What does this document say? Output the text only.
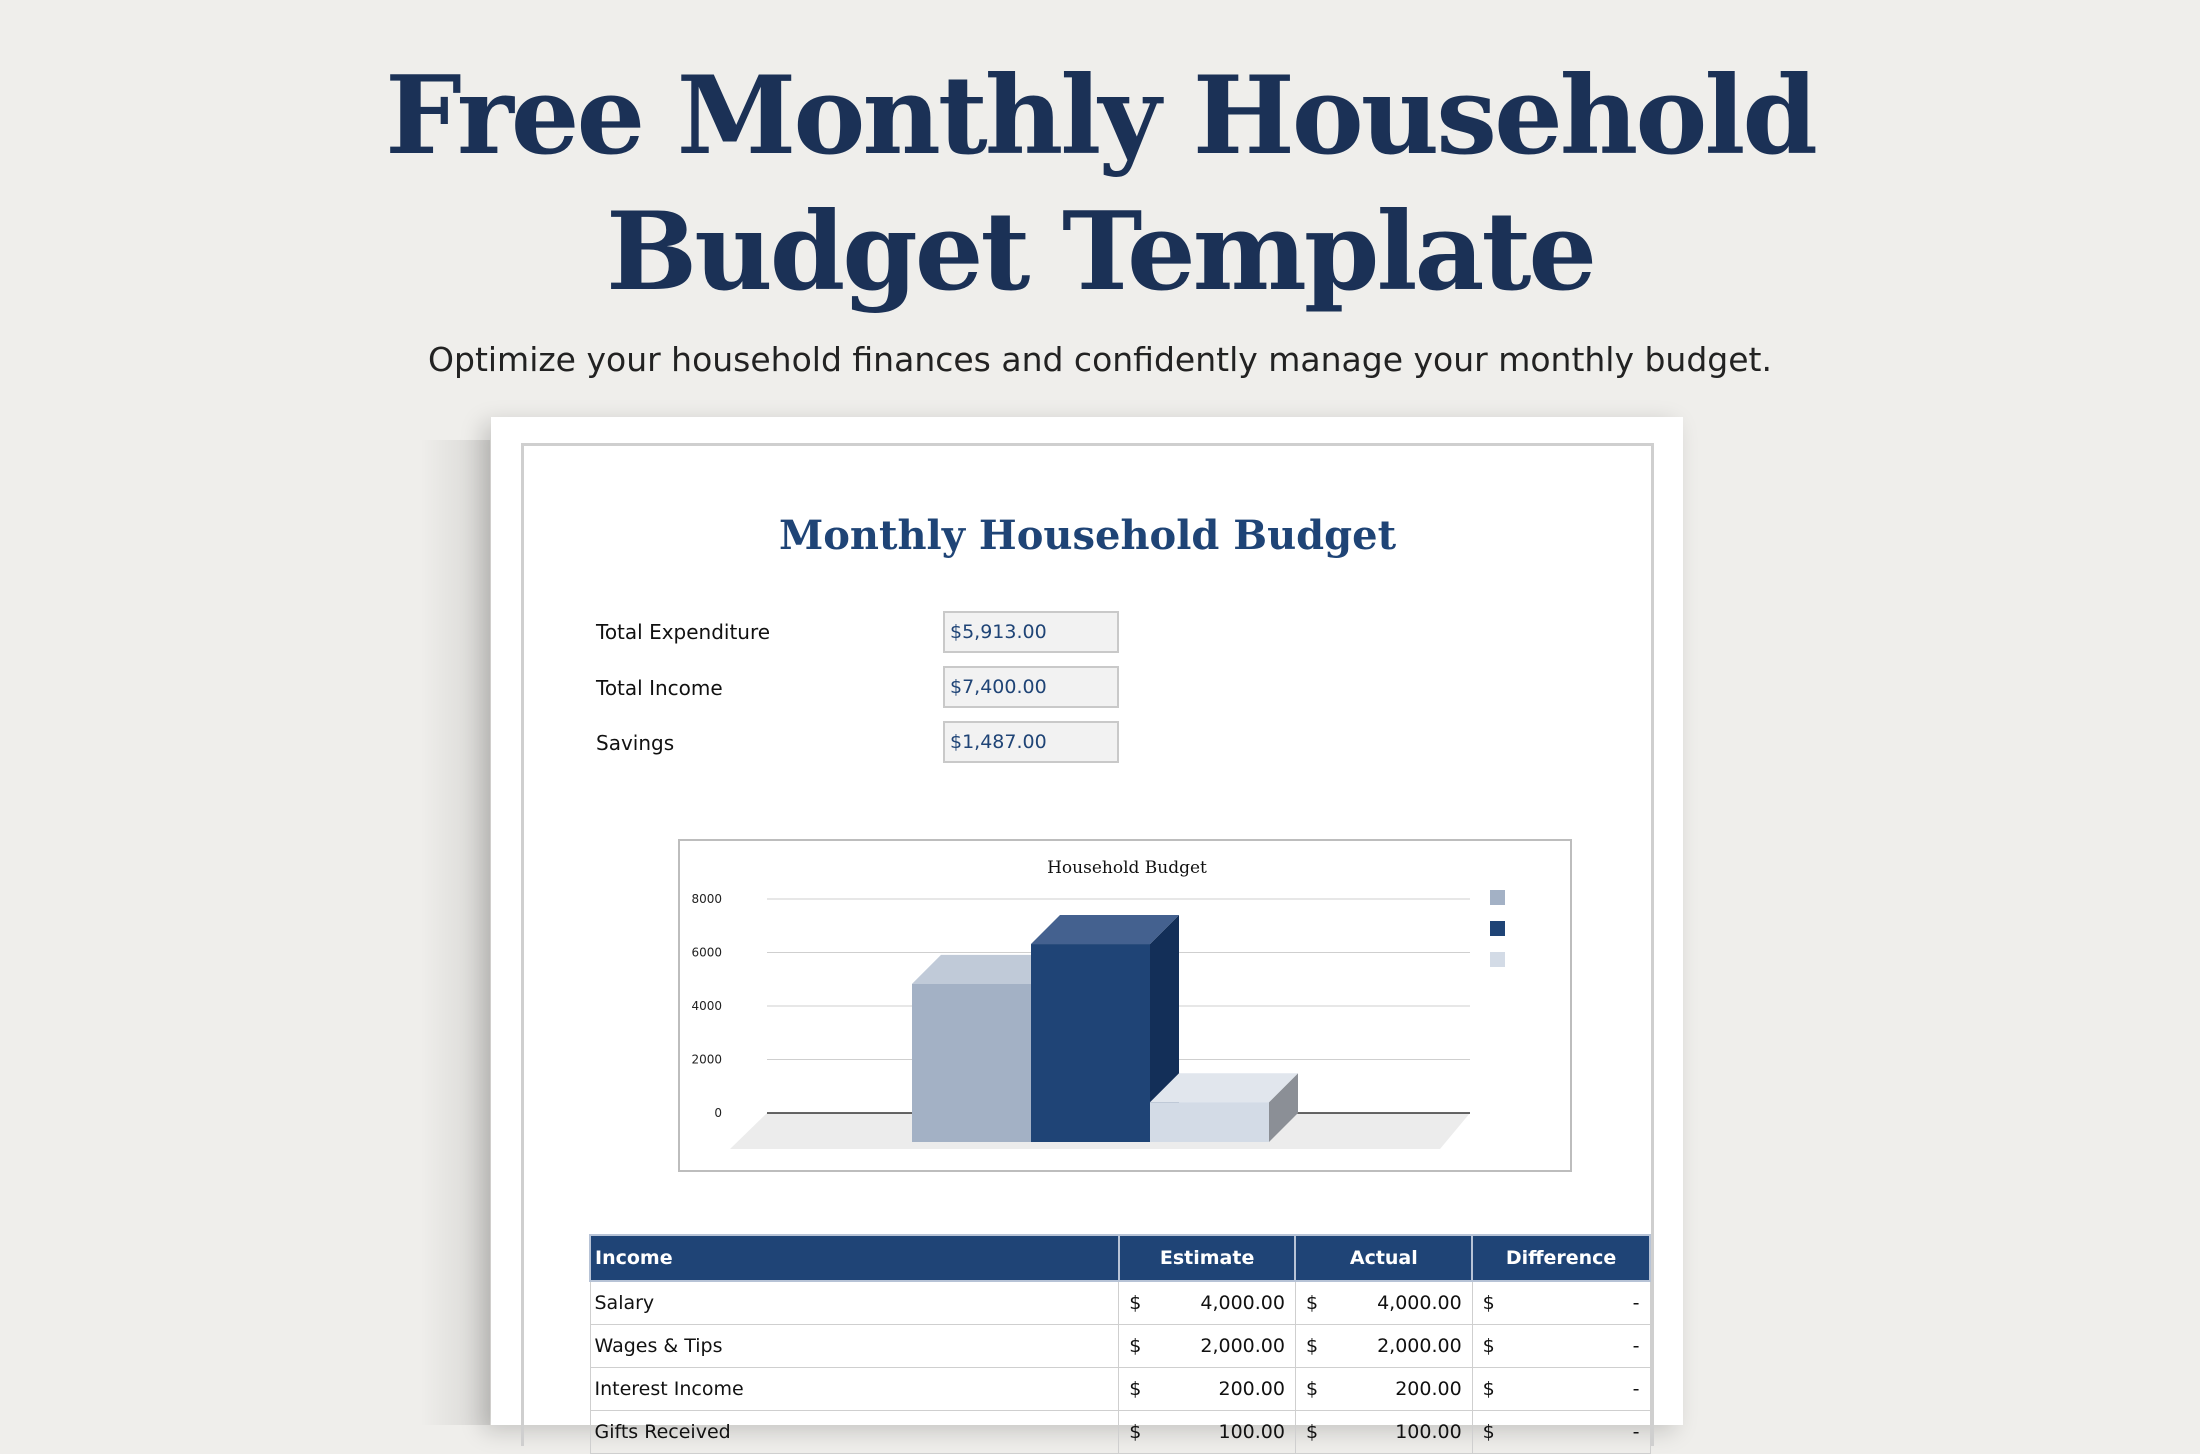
Free Monthly Household
Budget Template
Optimize your household finances and confidently manage your monthly budget.
Monthly Household Budget
Total Expenditure	$5,913.00
Total Income	$7,400.00
Savings	$1,487.00
Household Budget
0
2000
4000
6000
8000
Income	Estimate	Actual	Difference
Salary	$ 4,000.00	$ 4,000.00	$ -

Wages & Tips	$ 2,000.00	$ 2,000.00	$ -

Interest Income	$ 200.00	$ 200.00	$ -

Gifts Received	$ 100.00	$ 100.00	$ -
